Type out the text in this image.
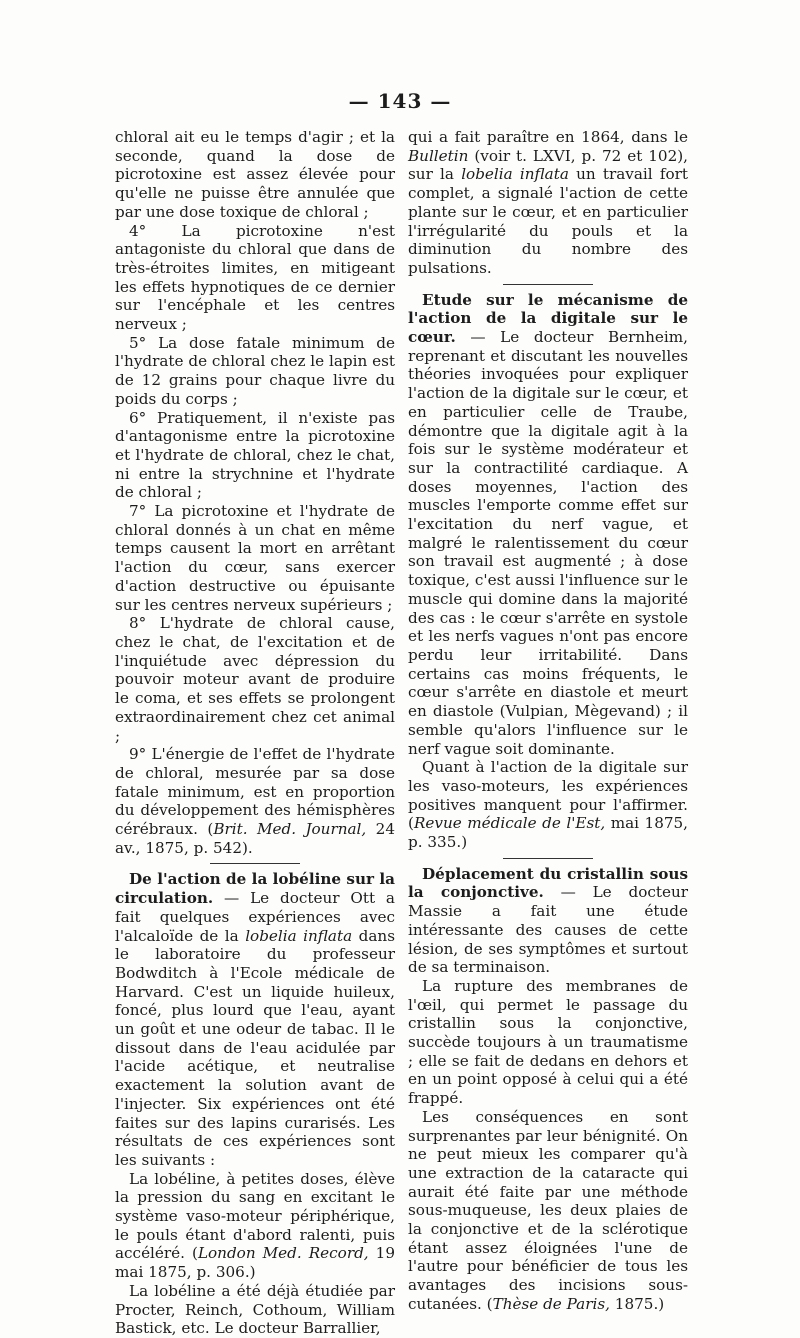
— 143 —

chloral ait eu le temps d'agir ; et la seconde, quand la dose de picrotoxine est assez élevée pour qu'elle ne puisse être annulée que par une dose toxique de chloral ;

4° La picrotoxine n'est antagoniste du chloral que dans de très-étroites limites, en mitigeant les effets hypnotiques de ce dernier sur l'encéphale et les centres nerveux ;

5° La dose fatale minimum de l'hydrate de chloral chez le lapin est de 12 grains pour chaque livre du poids du corps ;

6° Pratiquement, il n'existe pas d'antagonisme entre la picrotoxine et l'hydrate de chloral, chez le chat, ni entre la strychnine et l'hydrate de chloral ;

7° La picrotoxine et l'hydrate de chloral donnés à un chat en même temps causent la mort en arrêtant l'action du cœur, sans exercer d'action destructive ou épuisante sur les centres nerveux supérieurs ;

8° L'hydrate de chloral cause, chez le chat, de l'excitation et de l'inquiétude avec dépression du pouvoir moteur avant de produire le coma, et ses effets se prolongent extraordinairement chez cet animal ;

9° L'énergie de l'effet de l'hydrate de chloral, mesurée par sa dose fatale minimum, est en proportion du développement des hémisphères cérébraux. (Brit. Med. Journal, 24 av., 1875, p. 542).

De l'action de la lobéline sur la circulation. — Le docteur Ott a fait quelques expériences avec l'alcaloïde de la lobelia inflata dans le laboratoire du professeur Bodwditch à l'Ecole médicale de Harvard. C'est un liquide huileux, foncé, plus lourd que l'eau, ayant un goût et une odeur de tabac. Il le dissout dans de l'eau acidulée par l'acide acétique, et neutralise exactement la solution avant de l'injecter. Six expériences ont été faites sur des lapins curarisés. Les résultats de ces expériences sont les suivants :

La lobéline, à petites doses, élève la pression du sang en excitant le système vaso-moteur périphérique, le pouls étant d'abord ralenti, puis accéléré. (London Med. Record, 19 mai 1875, p. 306.)

La lobéline a été déjà étudiée par Procter, Reinch, Cothoum, William Bastick, etc. Le docteur Barrallier,

qui a fait paraître en 1864, dans le Bulletin (voir t. LXVI, p. 72 et 102), sur la lobelia inflata un travail fort complet, a signalé l'action de cette plante sur le cœur, et en particulier l'irrégularité du pouls et la diminution du nombre des pulsations.

Etude sur le mécanisme de l'action de la digitale sur le cœur. — Le docteur Bernheim, reprenant et discutant les nouvelles théories invoquées pour expliquer l'action de la digitale sur le cœur, et en particulier celle de Traube, démontre que la digitale agit à la fois sur le système modérateur et sur la contractilité cardiaque. A doses moyennes, l'action des muscles l'emporte comme effet sur l'excitation du nerf vague, et malgré le ralentissement du cœur son travail est augmenté ; à dose toxique, c'est aussi l'influence sur le muscle qui domine dans la majorité des cas : le cœur s'arrête en systole et les nerfs vagues n'ont pas encore perdu leur irritabilité. Dans certains cas moins fréquents, le cœur s'arrête en diastole et meurt en diastole (Vulpian, Mègevand) ; il semble qu'alors l'influence sur le nerf vague soit dominante.

Quant à l'action de la digitale sur les vaso-moteurs, les expériences positives manquent pour l'affirmer. (Revue médicale de l'Est, mai 1875, p. 335.)

Déplacement du cristallin sous la conjonctive. — Le docteur Massie a fait une étude intéressante des causes de cette lésion, de ses symptômes et surtout de sa terminaison.

La rupture des membranes de l'œil, qui permet le passage du cristallin sous la conjonctive, succède toujours à un traumatisme ; elle se fait de dedans en dehors et en un point opposé à celui qui a été frappé.

Les conséquences en sont surprenantes par leur bénignité. On ne peut mieux les comparer qu'à une extraction de la cataracte qui aurait été faite par une méthode sous-muqueuse, les deux plaies de la conjonctive et de la sclérotique étant assez éloignées l'une de l'autre pour bénéficier de tous les avantages des incisions sous-cutanées. (Thèse de Paris, 1875.)
